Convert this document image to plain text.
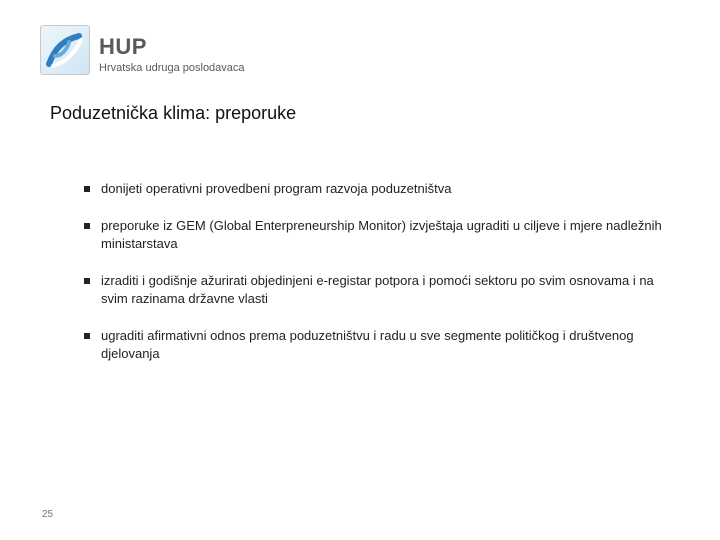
HUP
Hrvatska udruga poslodavaca
Poduzetnička klima: preporuke
donijeti operativni provedbeni program razvoja poduzetništva
preporuke iz GEM (Global Enterpreneurship Monitor) izvještaja ugraditi u ciljeve i mjere nadležnih ministarstava
izraditi i godišnje ažurirati objedinjeni e-registar potpora i pomoći sektoru po svim osnovama i na svim razinama državne vlasti
ugraditi afirmativni odnos prema poduzetništvu i radu u sve segmente političkog i društvenog djelovanja
25
